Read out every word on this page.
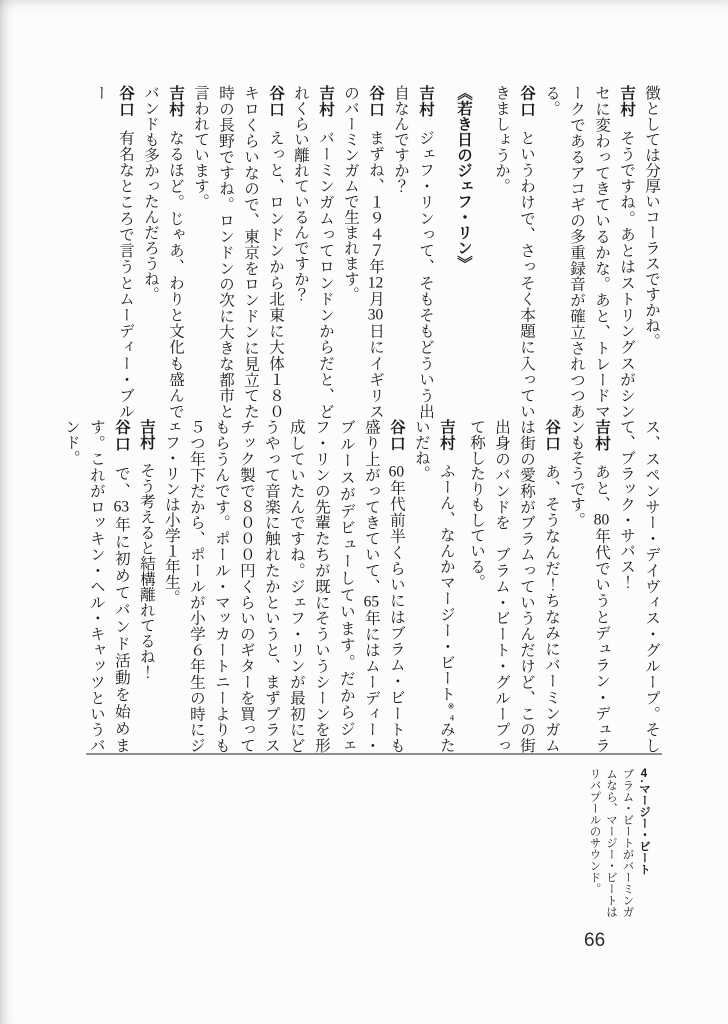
徴としては分厚いコーラスですかね。

吉村そうですね。あとはストリングスがシンセに変わってきているかな。あと、トレードマークであるアコギの多重録音が確立されつつある。

谷口というわけで、さっそく本題に入っていきましょうか。

《若き日のジェフ・リン》

吉村ジェフ・リンって、そもそもどういう出自なんですか？

谷口まずね、１９４７年12月30日にイギリスのバーミンガムで生まれます。

吉村バーミンガムってロンドンからだと、どれくらい離れているんですか？

谷口えっと、ロンドンから北東に大体１８０キロくらいなので、東京をロンドンに見立てた時の長野ですね。ロンドンの次に大きな都市と言われています。

吉村なるほど。じゃあ、わりと文化も盛んでバンドも多かったんだろうね。

谷口有名なところで言うとムーディー・ブルー

ス、スペンサー・デイヴィス・グループ。そして、ブラック・サバス！

吉村あと、80年代でいうとデュラン・デュランもそうです。

谷口あ、そうなんだ！ちなみにバーミンガムは街の愛称がブラムっていうんだけど、この街出身のバンドを　ブラム・ビート・グループって称したりもしている。

吉村ふーん、なんかマージー・ビート$^{※4}$みたいだね。

谷口60年代前半くらいにはブラム・ビートも盛り上がってきていて、65年にはムーディー・ブルースがデビューしています。だからジェフ・リンの先輩たちが既にそういうシーンを形成していたんですね。ジェフ・リンが最初にどうやって音楽に触れたかというと、まずプラスチック製で８０００円くらいのギターを買ってもらうんです。ポール・マッカートニーよりも５つ年下だから、ポールが小学６年生の時にジェフ・リンは小学１年生。

吉村そう考えると結構離れてるね！

谷口で、63年に初めてバンド活動を始めます。これがロッキン・ヘル・キャッツというバンド。

4.マージー・ビート

ブラム・ビートがバーミンガムなら、マージー・ビートはリバプールのサウンド。

66
